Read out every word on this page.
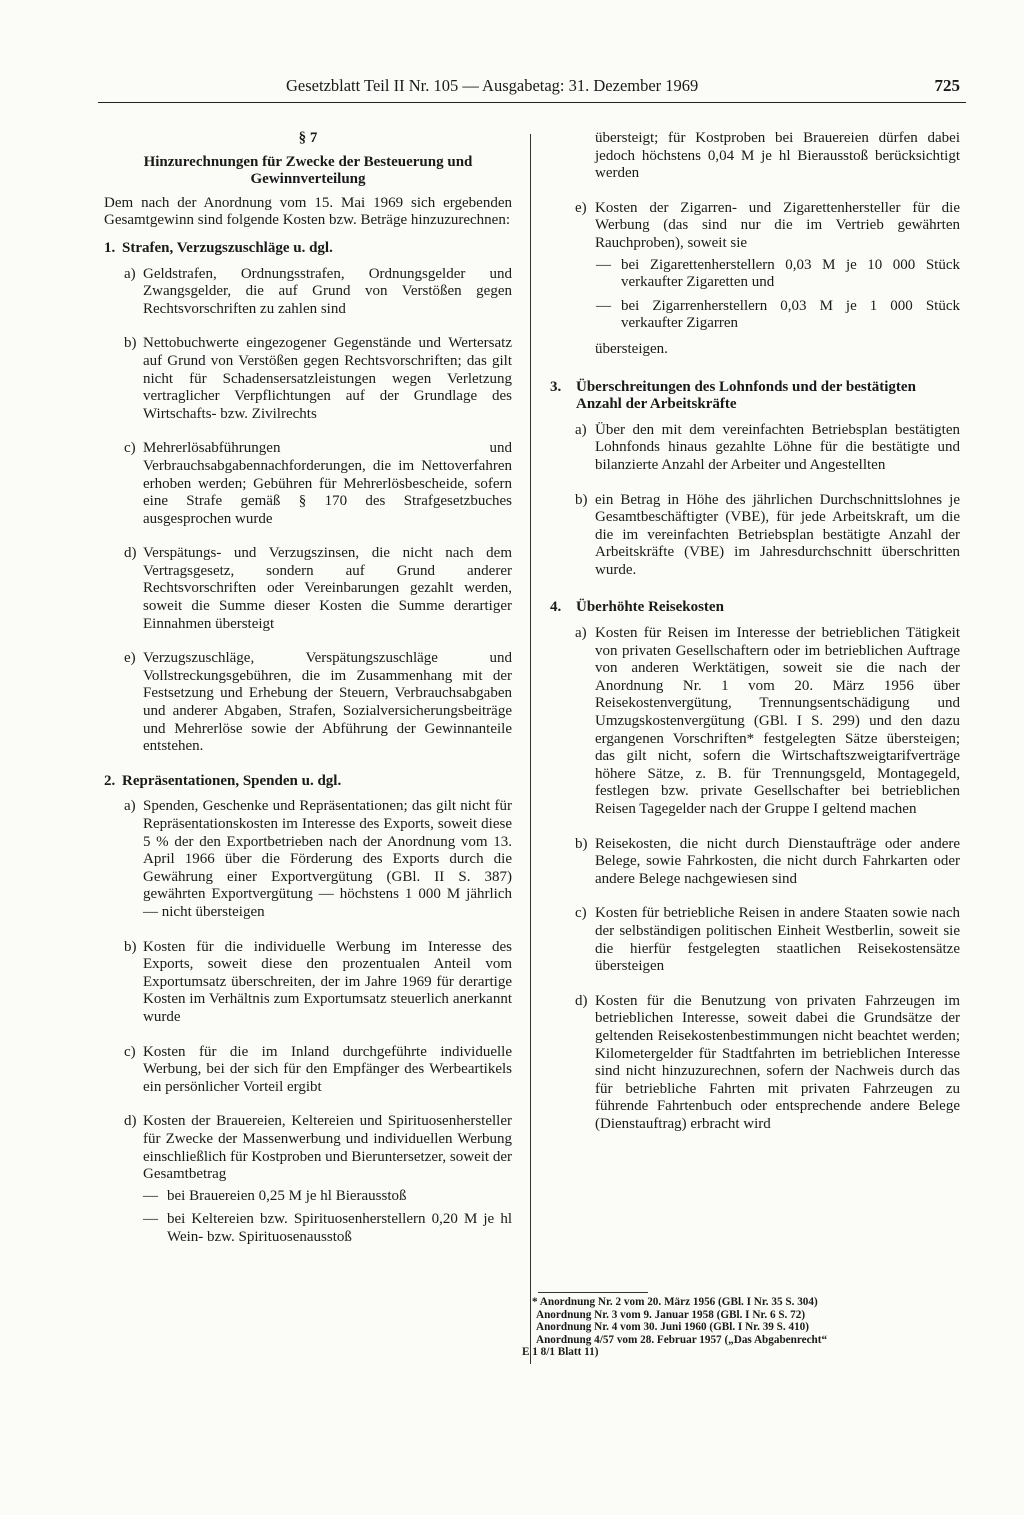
Gesetzblatt Teil II Nr. 105 — Ausgabetag: 31. Dezember 1969	725

§ 7

Hinzurechnungen für Zwecke der Besteuerung und Gewinnverteilung

Dem nach der Anordnung vom 15. Mai 1969 sich ergebenden Gesamtgewinn sind folgende Kosten bzw. Beträge hinzuzurechnen:

1. Strafen, Verzugszuschläge u. dgl.
a) Geldstrafen, Ordnungsstrafen, Ordnungsgelder und Zwangsgelder, die auf Grund von Verstößen gegen Rechtsvorschriften zu zahlen sind
b) Nettobuchwerte eingezogener Gegenstände und Wertersatz auf Grund von Verstößen gegen Rechtsvorschriften; das gilt nicht für Schadensersatzleistungen wegen Verletzung vertraglicher Verpflichtungen auf der Grundlage des Wirtschafts- bzw. Zivilrechts
c) Mehrerlösabführungen und Verbrauchsabgabennachforderungen, die im Nettoverfahren erhoben werden; Gebühren für Mehrerlösbescheide, sofern eine Strafe gemäß § 170 des Strafgesetzbuches ausgesprochen wurde
d) Verspätungs- und Verzugszinsen, die nicht nach dem Vertragsgesetz, sondern auf Grund anderer Rechtsvorschriften oder Vereinbarungen gezahlt werden, soweit die Summe dieser Kosten die Summe derartiger Einnahmen übersteigt
e) Verzugszuschläge, Verspätungszuschläge und Vollstreckungsgebühren, die im Zusammenhang mit der Festsetzung und Erhebung der Steuern, Verbrauchsabgaben und anderer Abgaben, Strafen, Sozialversicherungsbeiträge und Mehrerlöse sowie der Abführung der Gewinnanteile entstehen.
2. Repräsentationen, Spenden u. dgl.
a) Spenden, Geschenke und Repräsentationen; das gilt nicht für Repräsentationskosten im Interesse des Exports, soweit diese 5 % der den Exportbetrieben nach der Anordnung vom 13. April 1966 über die Förderung des Exports durch die Gewährung einer Exportvergütung (GBl. II S. 387) gewährten Exportvergütung — höchstens 1 000 M jährlich — nicht übersteigen
b) Kosten für die individuelle Werbung im Interesse des Exports, soweit diese den prozentualen Anteil vom Exportumsatz überschreiten, der im Jahre 1969 für derartige Kosten im Verhältnis zum Exportumsatz steuerlich anerkannt wurde
c) Kosten für die im Inland durchgeführte individuelle Werbung, bei der sich für den Empfänger des Werbeartikels ein persönlicher Vorteil ergibt
d) Kosten der Brauereien, Keltereien und Spirituosenhersteller für Zwecke der Massenwerbung und individuellen Werbung einschließlich für Kostproben und Bieruntersetzer, soweit der Gesamtbetrag
— bei Brauereien 0,25 M je hl Bierausstoß
— bei Keltereien bzw. Spirituosenherstellern 0,20 M je hl Wein- bzw. Spirituosenausstoß

übersteigt; für Kostproben bei Brauereien dürfen dabei jedoch höchstens 0,04 M je hl Bierausstoß berücksichtigt werden

e) Kosten der Zigarren- und Zigarettenhersteller für die Werbung (das sind nur die im Vertrieb gewährten Rauchproben), soweit sie
— bei Zigarettenherstellern 0,03 M je 10 000 Stück verkaufter Zigaretten und
— bei Zigarrenherstellern 0,03 M je 1 000 Stück verkaufter Zigarren

übersteigen.

3. Überschreitungen des Lohnfonds und der bestätigten Anzahl der Arbeitskräfte
a) Über den mit dem vereinfachten Betriebsplan bestätigten Lohnfonds hinaus gezahlte Löhne für die bestätigte und bilanzierte Anzahl der Arbeiter und Angestellten
b) ein Betrag in Höhe des jährlichen Durchschnittslohnes je Gesamtbeschäftigter (VBE), für jede Arbeitskraft, um die die im vereinfachten Betriebsplan bestätigte Anzahl der Arbeitskräfte (VBE) im Jahresdurchschnitt überschritten wurde.
4. Überhöhte Reisekosten
a) Kosten für Reisen im Interesse der betrieblichen Tätigkeit von privaten Gesellschaftern oder im betrieblichen Auftrage von anderen Werktätigen, soweit sie die nach der Anordnung Nr. 1 vom 20. März 1956 über Reisekostenvergütung, Trennungsentschädigung und Umzugskostenvergütung (GBl. I S. 299) und den dazu ergangenen Vorschriften* festgelegten Sätze übersteigen; das gilt nicht, sofern die Wirtschaftszweigtarifverträge höhere Sätze, z. B. für Trennungsgeld, Montagegeld, festlegen bzw. private Gesellschafter bei betrieblichen Reisen Tagegelder nach der Gruppe I geltend machen
b) Reisekosten, die nicht durch Dienstaufträge oder andere Belege, sowie Fahrkosten, die nicht durch Fahrkarten oder andere Belege nachgewiesen sind
c) Kosten für betriebliche Reisen in andere Staaten sowie nach der selbständigen politischen Einheit Westberlin, soweit sie die hierfür festgelegten staatlichen Reisekostensätze übersteigen
d) Kosten für die Benutzung von privaten Fahrzeugen im betrieblichen Interesse, soweit dabei die Grundsätze der geltenden Reisekostenbestimmungen nicht beachtet werden; Kilometergelder für Stadtfahrten im betrieblichen Interesse sind nicht hinzuzurechnen, sofern der Nachweis durch das für betriebliche Fahrten mit privaten Fahrzeugen zu führende Fahrtenbuch oder entsprechende andere Belege (Dienstauftrag) erbracht wird

* Anordnung Nr. 2 vom 20. März 1956 (GBl. I Nr. 35 S. 304)

Anordnung Nr. 3 vom 9. Januar 1958 (GBl. I Nr. 6 S. 72)

Anordnung Nr. 4 vom 30. Juni 1960 (GBl. I Nr. 39 S. 410)

Anordnung 4/57 vom 28. Februar 1957 („Das Abgabenrecht“

E 1 8/1 Blatt 11)
